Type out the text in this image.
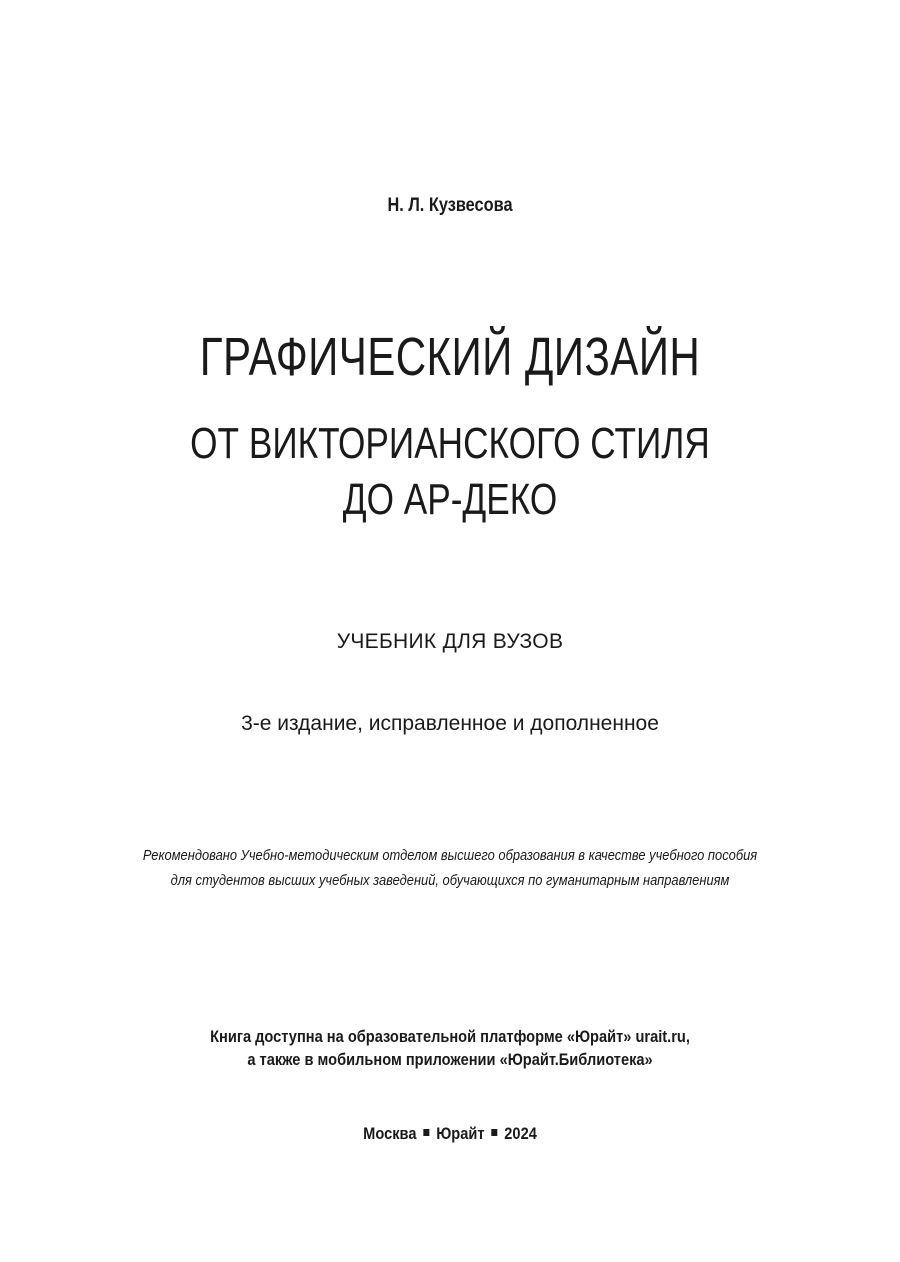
Н. Л. Кузвесова

ГРАФИЧЕСКИЙ ДИЗАЙН
ОТ ВИКТОРИАНСКОГО СТИЛЯ
ДО АР-ДЕКО

УЧЕБНИК ДЛЯ ВУЗОВ

3-е издание, исправленное и дополненное

Рекомендовано Учебно-методическим отделом высшего образования в качестве учебного пособия

для студентов высших учебных заведений, обучающихся по гуманитарным направлениям

Книга доступна на образовательной платформе «Юрайт» urait.ru,

а также в мобильном приложении «Юрайт.Библиотека»

Москва Юрайт 2024
